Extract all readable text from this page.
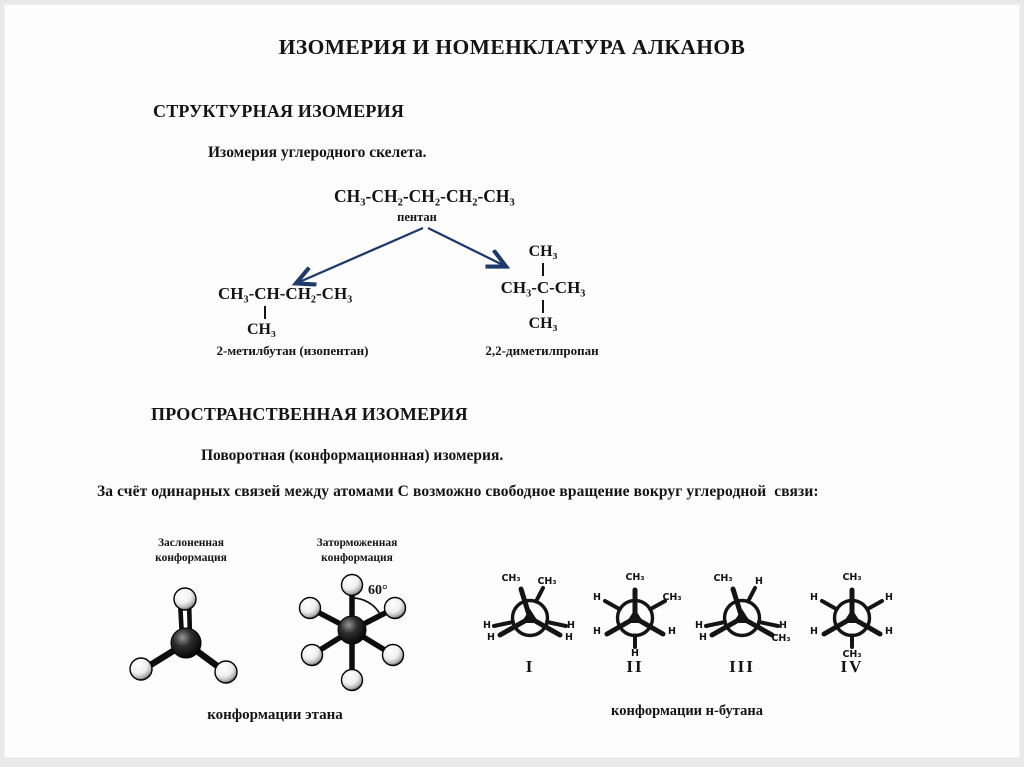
ИЗОМЕРИЯ И НОМЕНКЛАТУРА АЛКАНОВ
СТРУКТУРНАЯ ИЗОМЕРИЯ
Изомерия углеродного скелета.
CH₃-CH₂-CH₂-CH₂-CH₃
пентан
CH₃-CH-CH₂-CH₃
CH₃
2-метилбутан (изопентан)
CH₃
CH₃-C-CH₃
CH₃
2,2-диметилпропан
ПРОСТРАНСТВЕННАЯ ИЗОМЕРИЯ
Поворотная (конформационная) изомерия.
За счёт одинарных связей между атомами С возможно свободное вращение вокруг углеродной  связи:
Заслоненная
конформация
Заторможенная
конформация
60°
конформации этана
CH₃ CH₃
H
H
H
H
I
CH₃
H	CH₃
H	H
H
II
CH₃ H
H
H
H
CH₃
III
CH₃
H	H
H	H
CH₃
IV
конформации н-бутана
